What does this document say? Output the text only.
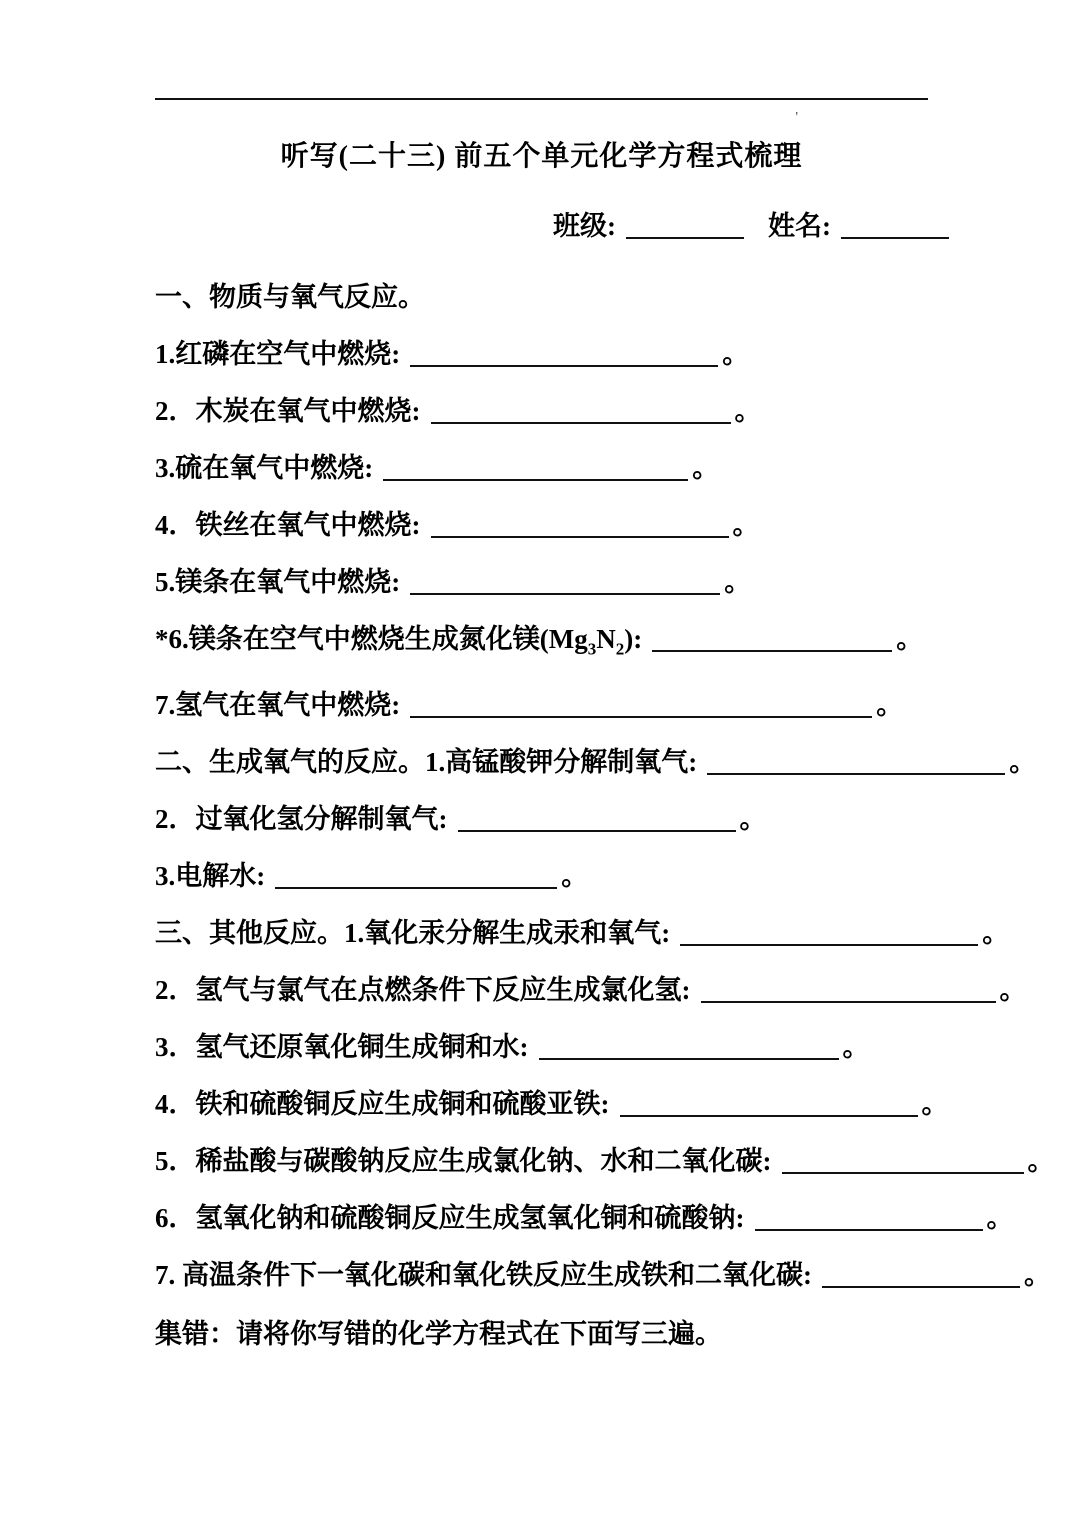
'
听写(二十三) 前五个单元化学方程式梳理
班级:	姓名:
一、物质与氧气反应。
1.红磷在空气中燃烧:	。
2．木炭在氧气中燃烧:	。
3.硫在氧气中燃烧:	。
4．铁丝在氧气中燃烧:	。
5.镁条在氧气中燃烧:	。
*6.镁条在空气中燃烧生成氮化镁$(Mg_3N_2)$:	。
7.氢气在氧气中燃烧:	。
二、生成氧气的反应。1.高锰酸钾分解制氧气:	。
2．过氧化氢分解制氧气:	。
3.电解水:	。
三、其他反应。1.氧化汞分解生成汞和氧气:	。
2．氢气与氯气在点燃条件下反应生成氯化氢:	。
3．氢气还原氧化铜生成铜和水:	。
4．铁和硫酸铜反应生成铜和硫酸亚铁:	。
5．稀盐酸与碳酸钠反应生成氯化钠、水和二氧化碳:	。
6．氢氧化钠和硫酸铜反应生成氢氧化铜和硫酸钠:	。
7. 高温条件下一氧化碳和氧化铁反应生成铁和二氧化碳:	。
集错：请将你写错的化学方程式在下面写三遍。
